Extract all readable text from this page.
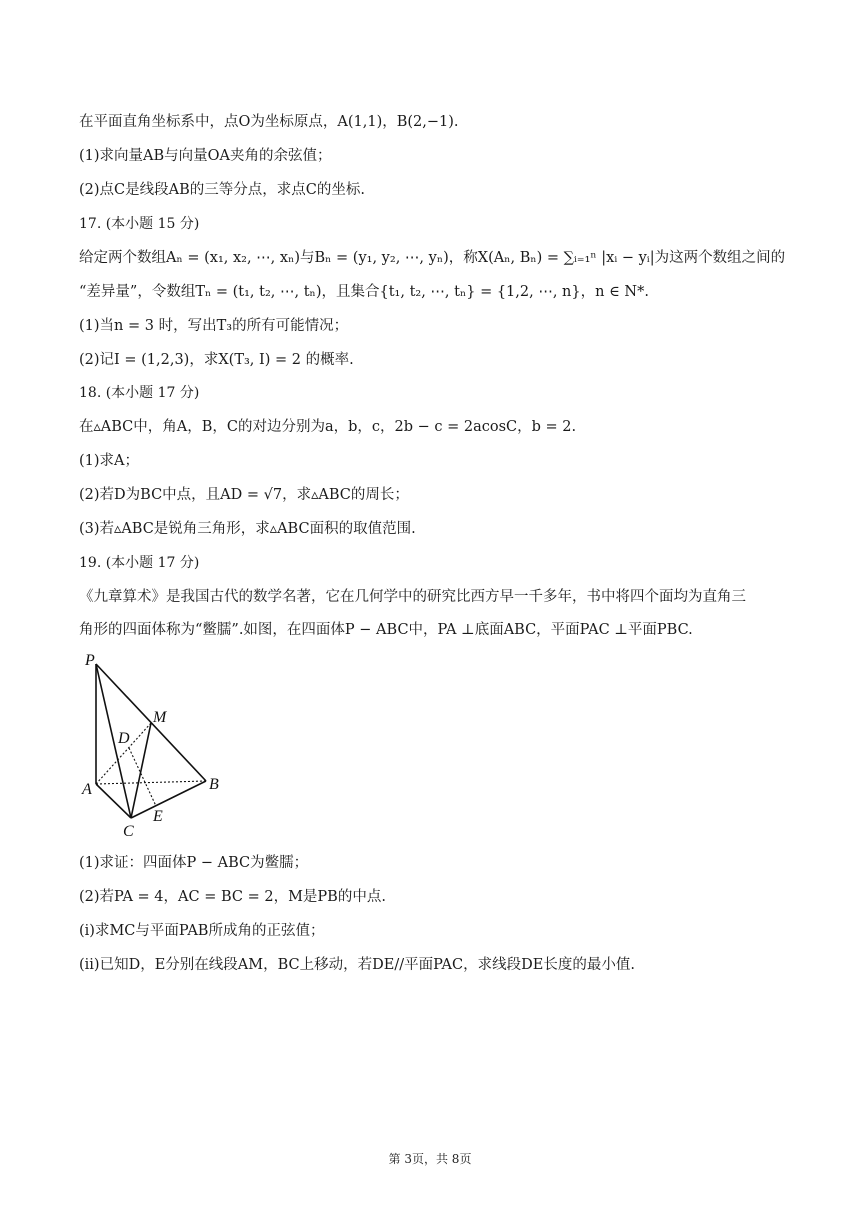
在平面直角坐标系中，点O为坐标原点，A(1,1)，B(2,−1).
(1)求向量AB与向量OA夹角的余弦值；
(2)点C是线段AB的三等分点，求点C的坐标.
17. (本小题 15 分)
给定两个数组Aₙ = (x₁, x₂, ⋯, xₙ)与Bₙ = (y₁, y₂, ⋯, yₙ)，称X(Aₙ, Bₙ) = ∑ᵢ₌₁ⁿ |xᵢ − yᵢ|为这两个数组之间的
“差异量”，令数组Tₙ = (t₁, t₂, ⋯, tₙ)，且集合{t₁, t₂, ⋯, tₙ} = {1,2, ⋯, n}，n ∈ N*.
(1)当n = 3 时，写出T₃的所有可能情况；
(2)记I = (1,2,3)，求X(T₃, I) = 2 的概率.
18. (本小题 17 分)
在▵ABC中，角A，B，C的对边分别为a，b，c，2b − c = 2acosC，b = 2.
(1)求A；
(2)若D为BC中点，且AD = √7，求▵ABC的周长；
(3)若▵ABC是锐角三角形，求▵ABC面积的取值范围.
19. (本小题 17 分)
《九章算术》是我国古代的数学名著，它在几何学中的研究比西方早一千多年，书中将四个面均为直角三
角形的四面体称为“鳖臑”.如图，在四面体P − ABC中，PA ⊥底面ABC，平面PAC ⊥平面PBC.
P
M
D
A	B
C
E
(1)求证：四面体P − ABC为鳖臑；
(2)若PA = 4，AC = BC = 2，M是PB的中点.
(i)求MC与平面PAB所成角的正弦值；
(ii)已知D，E分别在线段AM，BC上移动，若DE//平面PAC，求线段DE长度的最小值.
第 3页，共 8页
